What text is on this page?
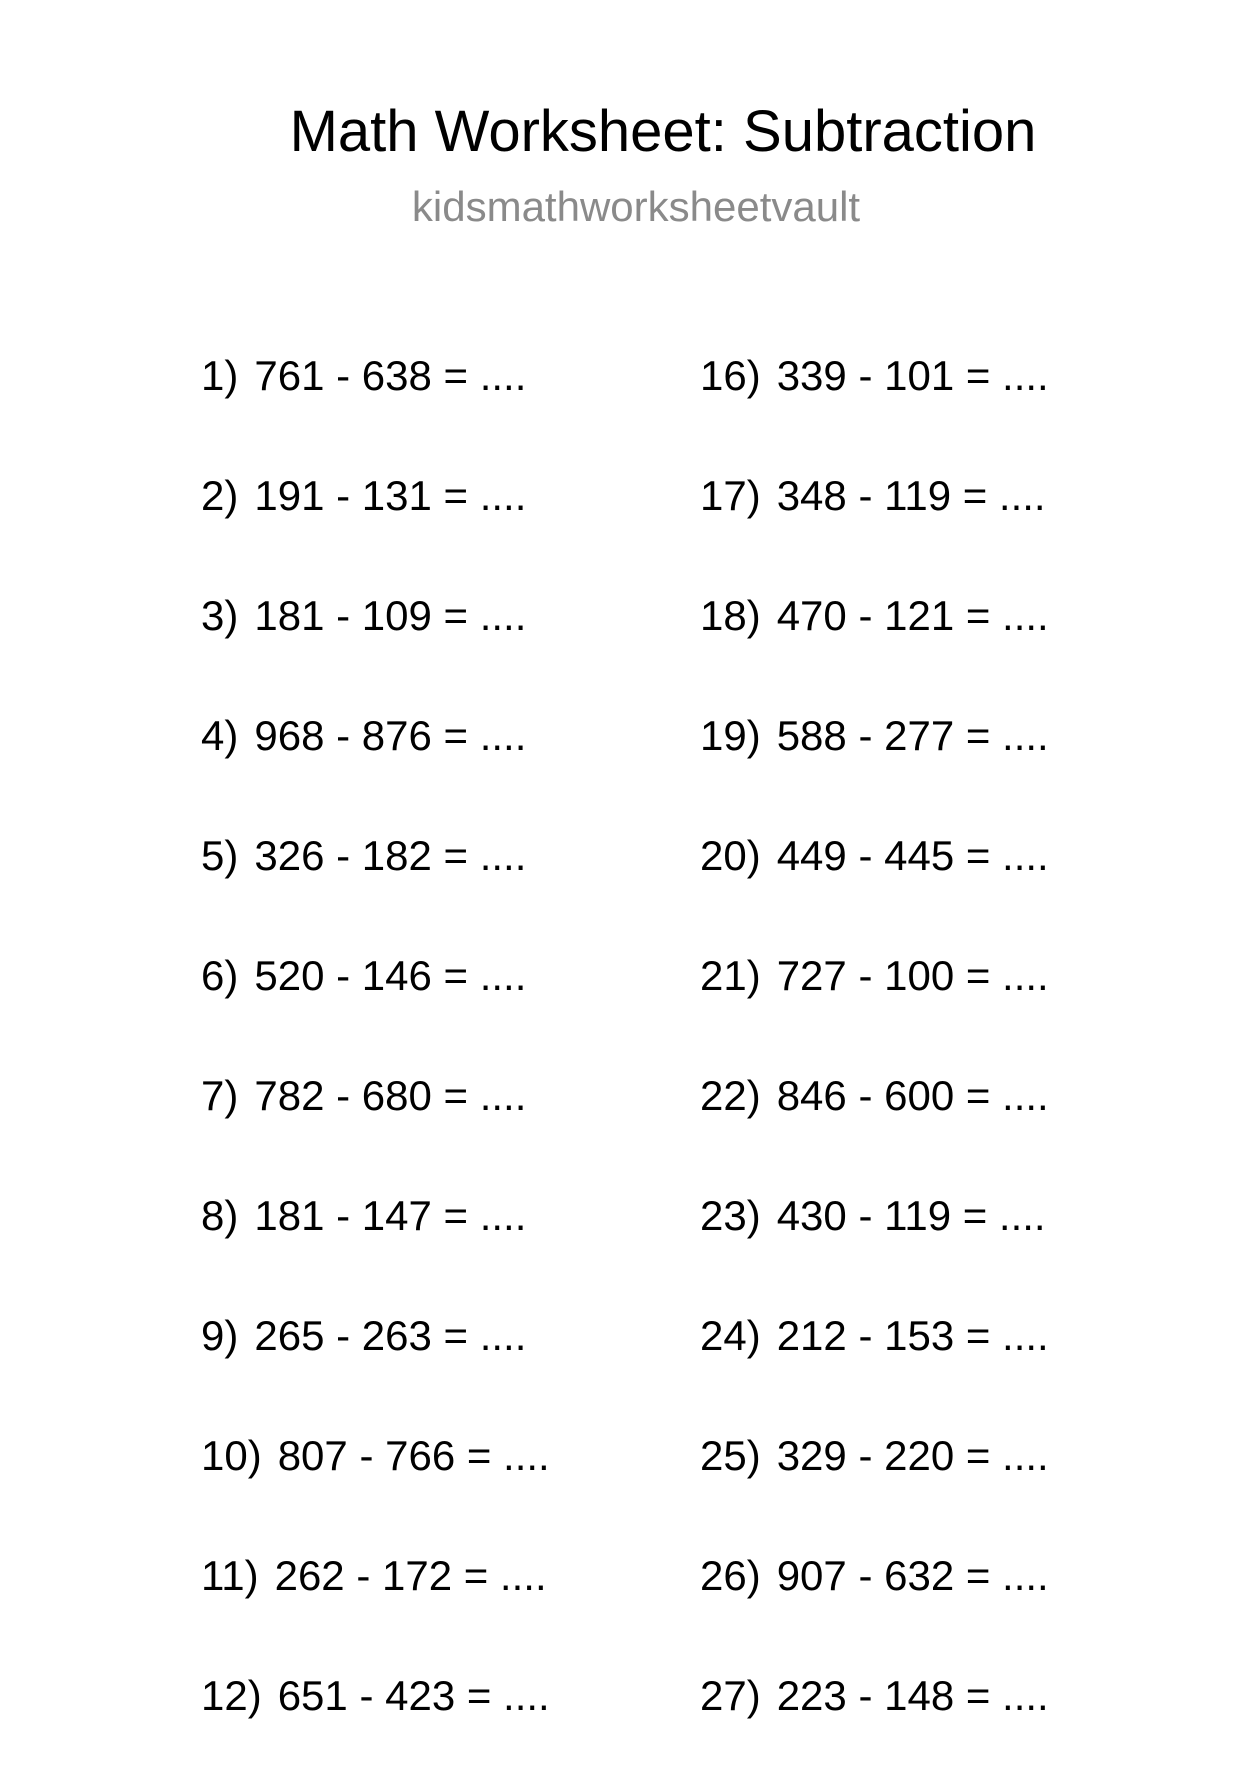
Math Worksheet: Subtraction
kidsmathworksheetvault
1) 761 - 638 = ....
2) 191 - 131 = ....
3) 181 - 109 = ....
4) 968 - 876 = ....
5) 326 - 182 = ....
6) 520 - 146 = ....
7) 782 - 680 = ....
8) 181 - 147 = ....
9) 265 - 263 = ....
10) 807 - 766 = ....
11) 262 - 172 = ....
12) 651 - 423 = ....
16) 339 - 101 = ....
17) 348 - 119 = ....
18) 470 - 121 = ....
19) 588 - 277 = ....
20) 449 - 445 = ....
21) 727 - 100 = ....
22) 846 - 600 = ....
23) 430 - 119 = ....
24) 212 - 153 = ....
25) 329 - 220 = ....
26) 907 - 632 = ....
27) 223 - 148 = ....
